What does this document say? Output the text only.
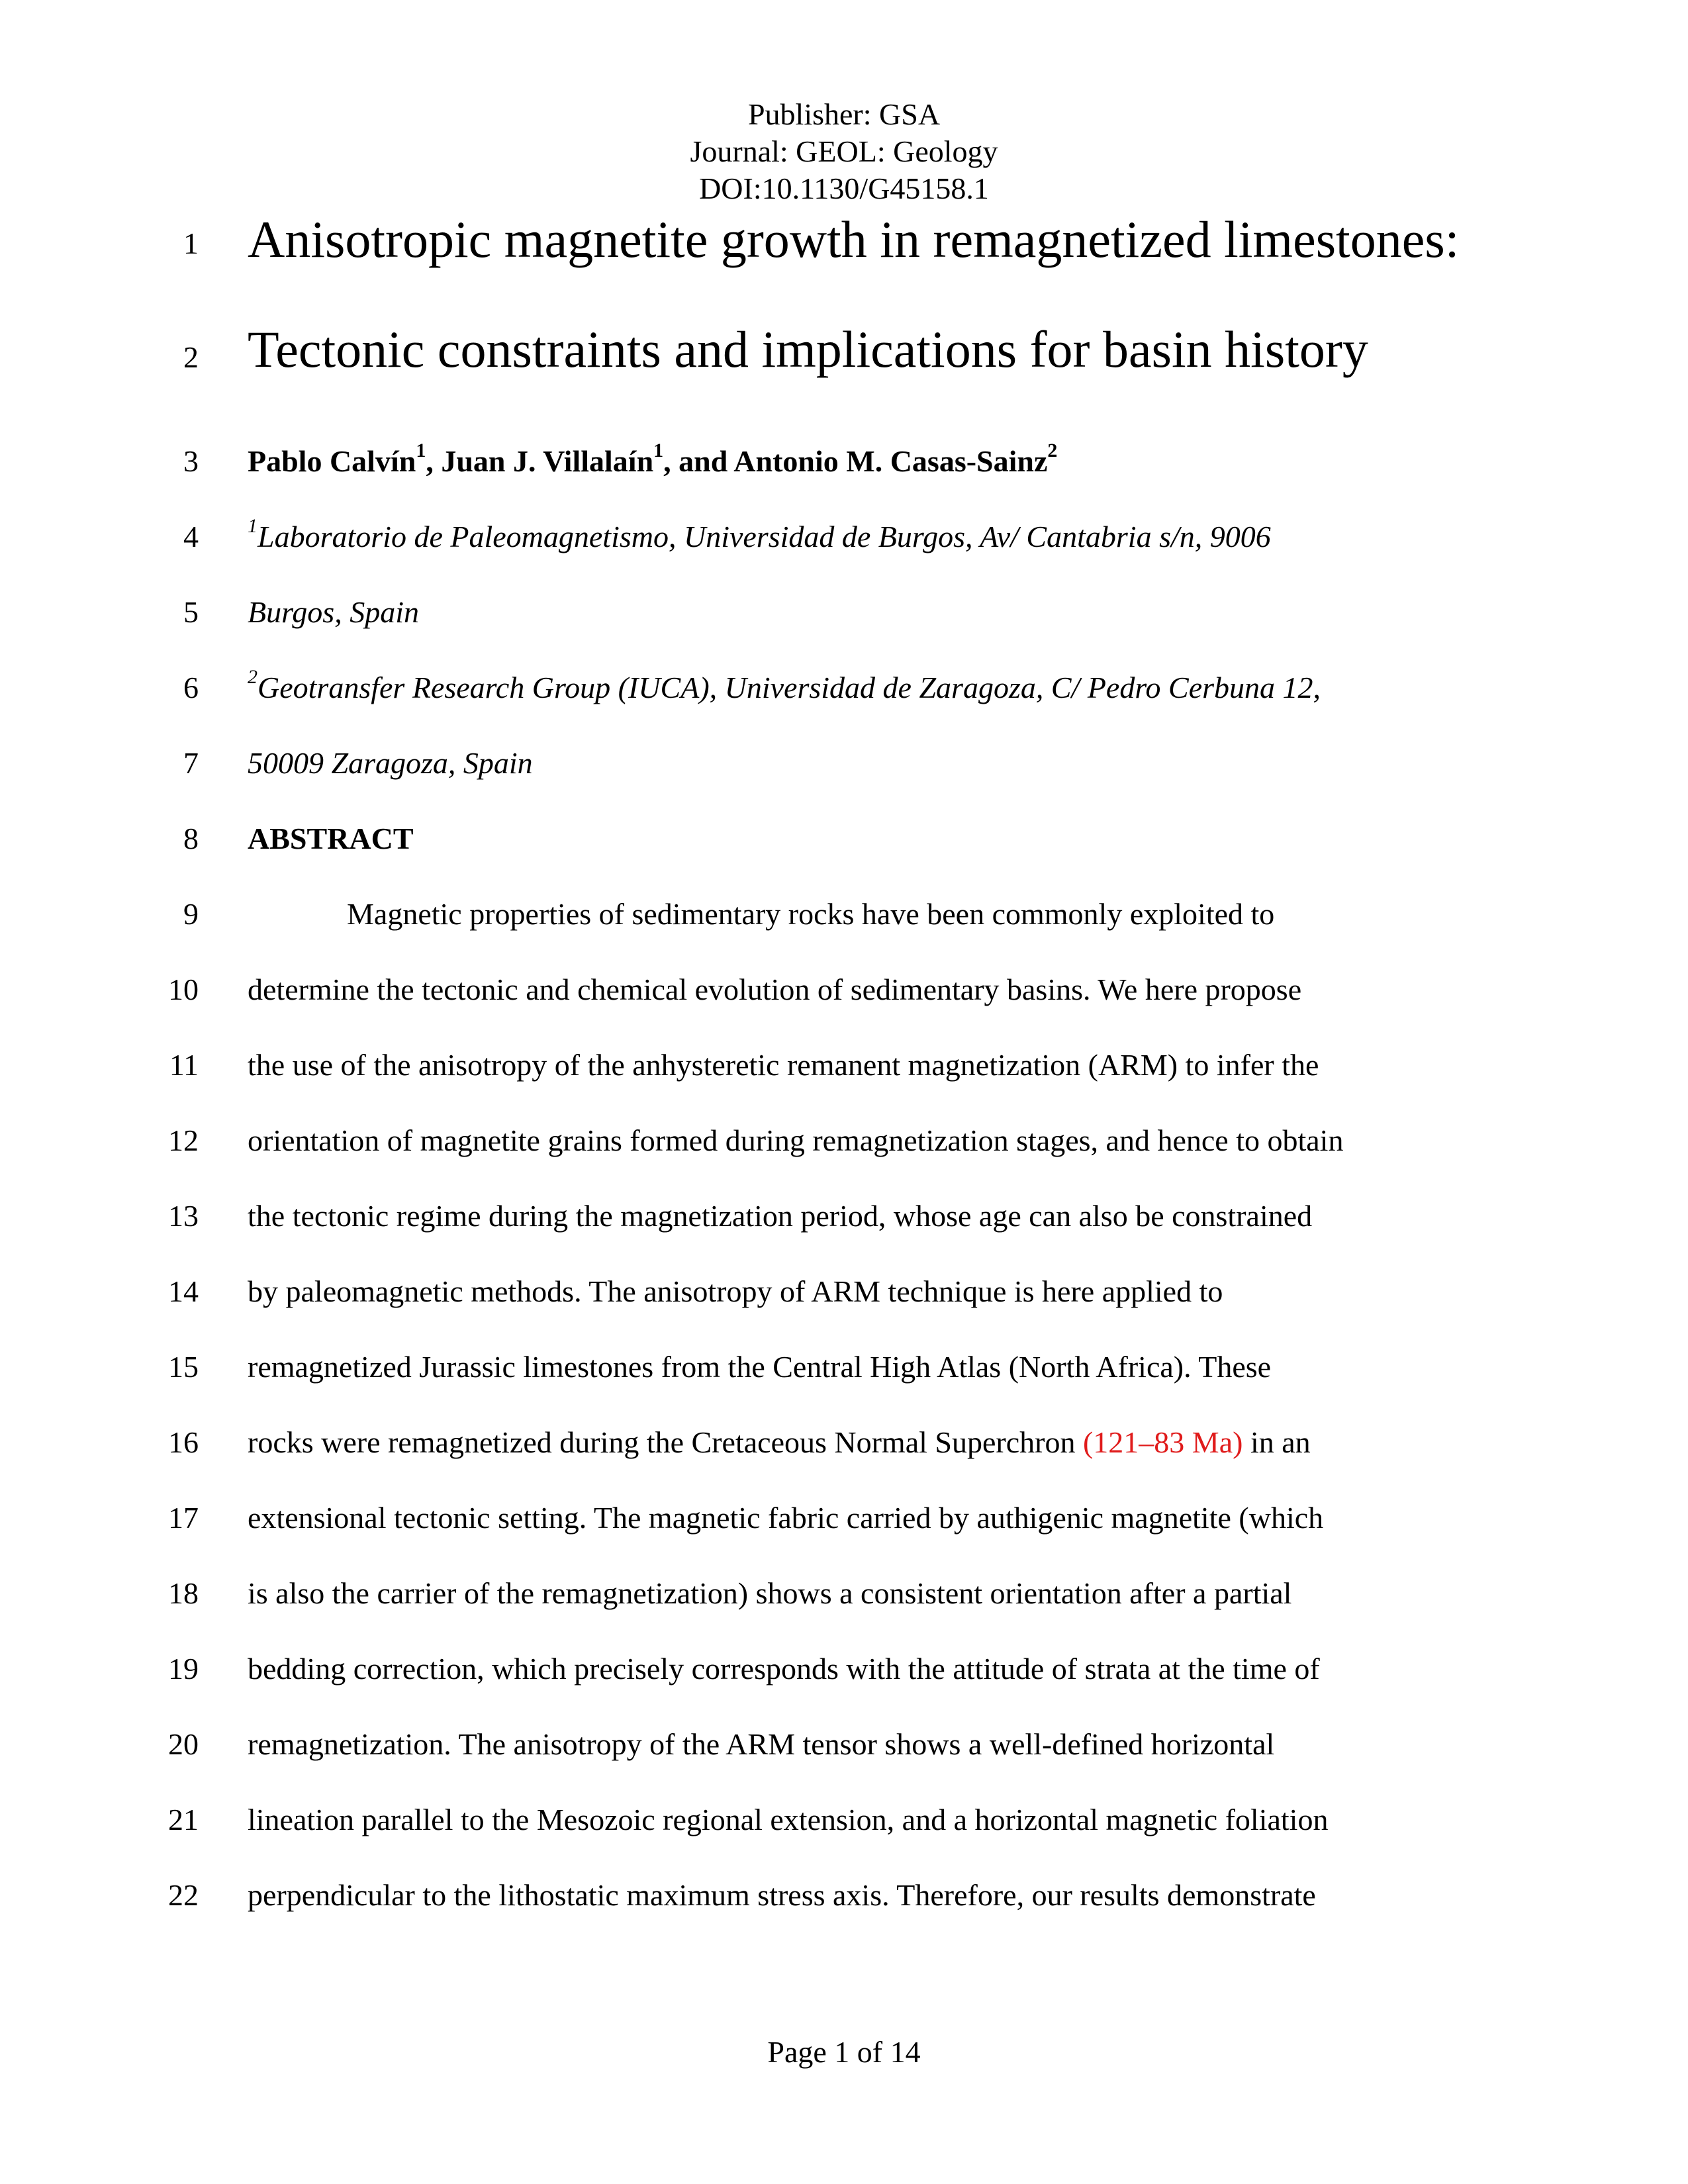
Publisher: GSA
Journal: GEOL: Geology
DOI:10.1130/G45158.1
1 Anisotropic magnetite growth in remagnetized limestones:
2 Tectonic constraints and implications for basin history
3 Pablo Calvín$^1$, Juan J. Villalaín$^1$, and Antonio M. Casas-Sainz$^2$
4 $^1$Laboratorio de Paleomagnetismo, Universidad de Burgos, Av/ Cantabria s/n, 9006
5 Burgos, Spain
6 $^2$Geotransfer Research Group (IUCA), Universidad de Zaragoza, C/ Pedro Cerbuna 12,
7 50009 Zaragoza, Spain
8 ABSTRACT
9	Magnetic properties of sedimentary rocks have been commonly exploited to
10 determine the tectonic and chemical evolution of sedimentary basins. We here propose
11 the use of the anisotropy of the anhysteretic remanent magnetization (ARM) to infer the
12 orientation of magnetite grains formed during remagnetization stages, and hence to obtain
13 the tectonic regime during the magnetization period, whose age can also be constrained
14 by paleomagnetic methods. The anisotropy of ARM technique is here applied to
15 remagnetized Jurassic limestones from the Central High Atlas (North Africa). These
16 rocks were remagnetized during the Cretaceous Normal Superchron (121–83 Ma) in an
17 extensional tectonic setting. The magnetic fabric carried by authigenic magnetite (which
18 is also the carrier of the remagnetization) shows a consistent orientation after a partial
19 bedding correction, which precisely corresponds with the attitude of strata at the time of
20 remagnetization. The anisotropy of the ARM tensor shows a well-defined horizontal
21 lineation parallel to the Mesozoic regional extension, and a horizontal magnetic foliation
22 perpendicular to the lithostatic maximum stress axis. Therefore, our results demonstrate
Page 1 of 14
